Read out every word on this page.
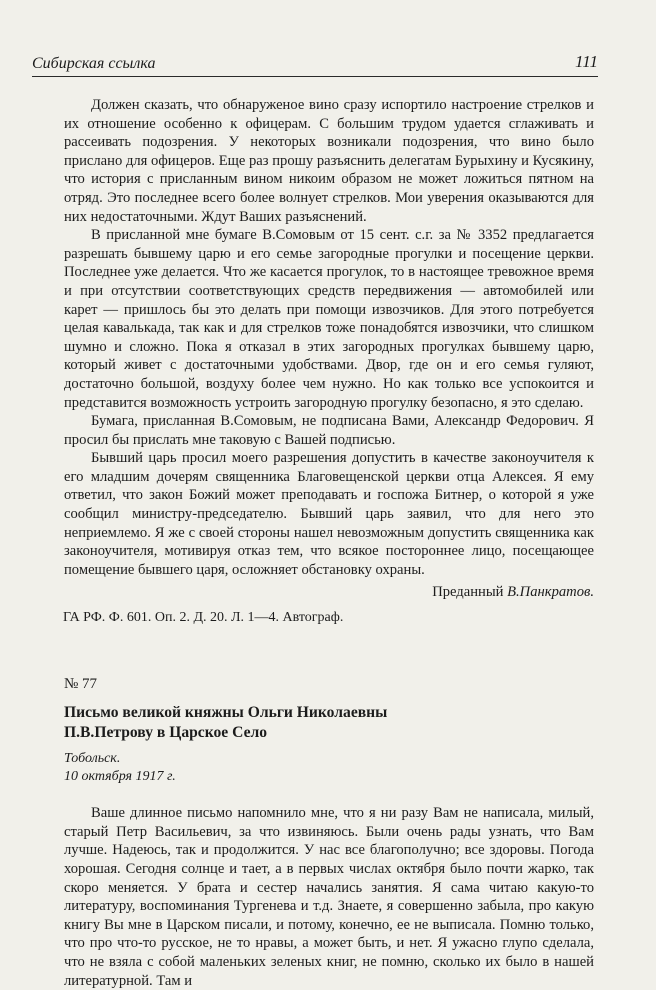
Сибирская ссылка	111

Должен сказать, что обнаруженое вино сразу испортило настроение стрелков и их отношение особенно к офицерам. С большим трудом удается сглаживать и рассеивать подозрения. У некоторых возникали подозрения, что вино было прислано для офицеров. Еще раз прошу разъяснить делегатам Бурыхину и Кусякину, что история с присланным вином никоим образом не может ложиться пятном на отряд. Это последнее всего более волнует стрелков. Мои уверения оказываются для них недостаточными. Ждут Ваших разъяснений.

В присланной мне бумаге В.Сомовым от 15 сент. с.г. за № 3352 предлагается разрешать бывшему царю и его семье загородные прогулки и посещение церкви. Последнее уже делается. Что же касается прогулок, то в настоящее тревожное время и при отсутствии соответствующих средств передвижения — автомобилей или карет — пришлось бы это делать при помощи извозчиков. Для этого потребуется целая кавалькада, так как и для стрелков тоже понадобятся извозчики, что слишком шумно и сложно. Пока я отказал в этих загородных прогулках бывшему царю, который живет с достаточными удобствами. Двор, где он и его семья гуляют, достаточно большой, воздуху более чем нужно. Но как только все успокоится и представится возможность устроить загородную прогулку безопасно, я это сделаю.

Бумага, присланная В.Сомовым, не подписана Вами, Александр Федорович. Я просил бы прислать мне таковую с Вашей подписью.

Бывший царь просил моего разрешения допустить в качестве законоучителя к его младшим дочерям священника Благовещенской церкви отца Алексея. Я ему ответил, что закон Божий может преподавать и госпожа Битнер, о которой я уже сообщил министру-председателю. Бывший царь заявил, что для него это неприемлемо. Я же с своей стороны нашел невозможным допустить священника как законоучителя, мотивируя отказ тем, что всякое постороннее лицо, посещающее помещение бывшего царя, осложняет обстановку охраны.

Преданный В.Панкратов.
ГА РФ. Ф. 601. Оп. 2. Д. 20. Л. 1—4. Автограф.
№ 77
Письмо великой княжны Ольги Николаевны
П.В.Петрову в Царское Село
Тобольск.
10 октября 1917 г.

Ваше длинное письмо напомнило мне, что я ни разу Вам не написала, милый, старый Петр Васильевич, за что извиняюсь. Были очень рады узнать, что Вам лучше. Надеюсь, так и продолжится. У нас все благополучно; все здоровы. Погода хорошая. Сегодня солнце и тает, а в первых числах октября было почти жарко, так скоро меняется. У брата и сестер начались занятия. Я сама читаю какую-то литературу, воспоминания Тургенева и т.д. Знаете, я совершенно забыла, про какую книгу Вы мне в Царском писали, и потому, конечно, ее не выписала. Помню только, что про что-то русское, не то нравы, а может быть, и нет. Я ужасно глупо сделала, что не взяла с собой маленьких зеленых книг, не помню, сколько их было в нашей литературной. Там и
